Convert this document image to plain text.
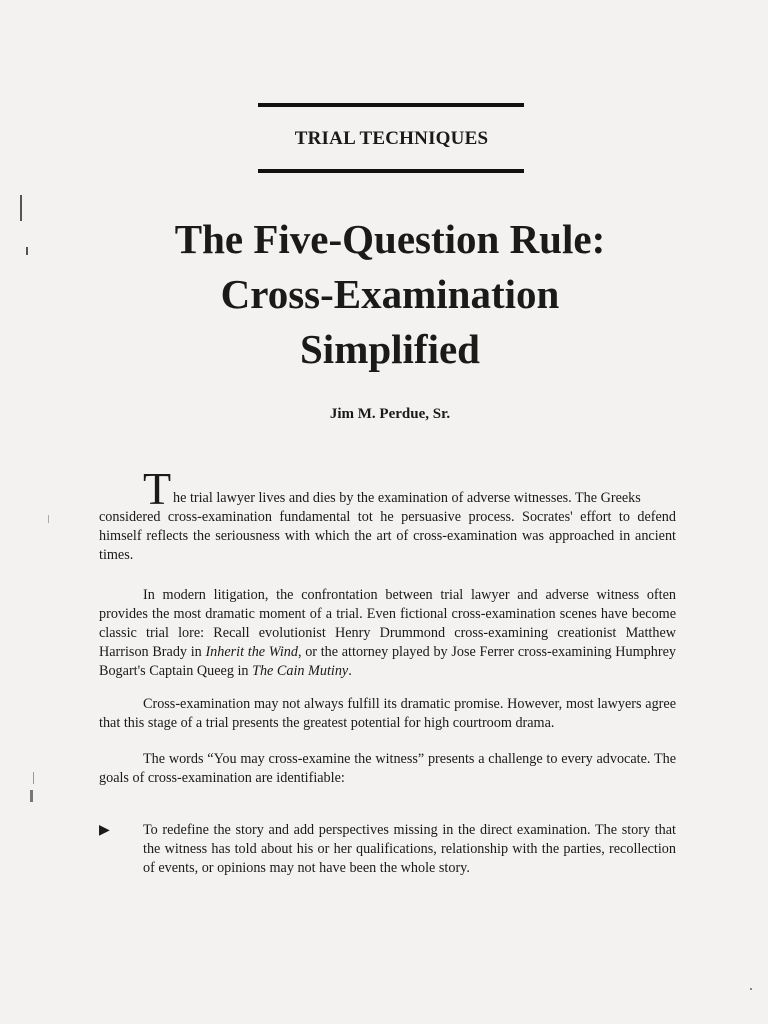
TRIAL TECHNIQUES
The Five-Question Rule:
Cross-Examination
Simplified
Jim M. Perdue, Sr.
T he trial lawyer lives and dies by the examination of adverse witnesses. The Greeks
considered cross-examination fundamental tot he persuasive process. Socrates' effort to defend himself reflects the seriousness with which the art of cross-examination was approached in ancient times.
In modern litigation, the confrontation between trial lawyer and adverse witness often provides the most dramatic moment of a trial. Even fictional cross-examination scenes have become classic trial lore: Recall evolutionist Henry Drummond cross-examining creationist Matthew Harrison Brady in Inherit the Wind, or the attorney played by Jose Ferrer cross-examining Humphrey Bogart's Captain Queeg in The Cain Mutiny.
Cross-examination may not always fulfill its dramatic promise. However, most lawyers agree that this stage of a trial presents the greatest potential for high courtroom drama.
The words “You may cross-examine the witness” presents a challenge to every advocate. The goals of cross-examination are identifiable:
▶	To redefine the story and add perspectives missing in the direct examination. The story that the witness has told about his or her qualifications, relationship with the parties, recollection of events, or opinions may not have been the whole story.
